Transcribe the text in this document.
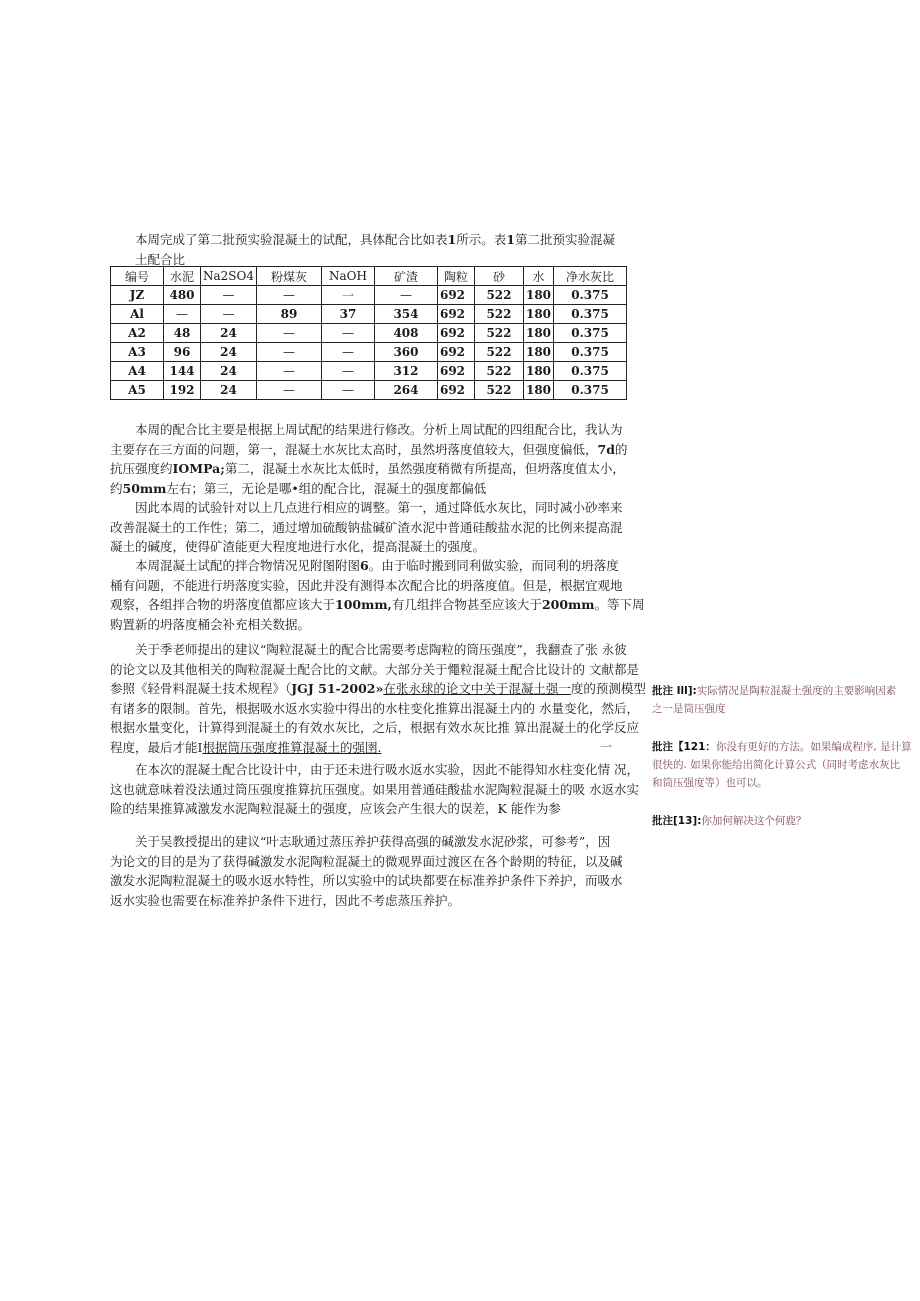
本周完成了第二批预实验混凝土的试配，具体配合比如表1所示。表1第二批预实验混凝
土配合比
编号	水泥	Na2SO4	粉煤灰	NaOH	矿渣	陶粒	砂	水	净水灰比
JZ	480	—	—	一	—	692	522	180	0.375
Al	—	—	89	37	354	692	522	180	0.375
A2	48	24	—	—	408	692	522	180	0.375
A3	96	24	—	—	360	692	522	180	0.375
A4	144	24	—	—	312	692	522	180	0.375
A5	192	24	—	—	264	692	522	180	0.375
本周的配合比主要是根据上周试配的结果进行修改。分析上周试配的四组配合比，我认为
主要存在三方面的问题，第一，混凝土水灰比太高时，虽然坍落度值较大，但强度偏低，7d的
抗压强度约IOMPa;第二，混凝土水灰比太低时，虽然强度稍微有所提高，但坍落度值太小，
约50mm左右；第三，无论是哪•组的配合比，混凝土的强度都偏低
因此本周的试验针对以上几点进行相应的调整。第一，通过降低水灰比，同时减小砂率来
改善混凝土的工作性；第二，通过增加硫酸钠盐碱矿渣水泥中普通硅酸盐水泥的比例来提高混
凝土的碱度，使得矿渣能更大程度地进行水化，提高混凝土的强度。
本周混凝土试配的拌合物情况见附图附图6。由于临时搬到同利做实验，而同利的坍落度
桶有问题，不能进行坍落度实验，因此并没有测得本次配合比的坍落度值。但是，根据宜观地
观察，各组拌合物的坍落度值都应该大于100mm,有几组拌合物甚至应该大于200mm。等下周
购置新的坍落度桶会补充相关数据。
关于季老师提出的建议“陶粒混凝土的配合比需要考虑陶粒的筒压强度”，我翻查了张 永彼
的论文以及其他相关的陶粒混凝土配合比的文献。大部分关于憴粒混凝土配合比设计的 文献都是
参照《轻骨料混凝土技术规程》（JGJ 51-2002»在张永球的论文中关于混凝土强一度的预测模型
有诸多的限制。首先，根据吸水返水实验中得出的水柱变化推算出混凝土内的 水量变化，然后，
根据水量变化，计算得到混凝土的有效水灰比，之后，根据有效水灰比推 算出混凝土的化学反应
程度，最后才能I根据筒压强度推算混凝土的强圉.	一
在本次的混凝土配合比设计中，由于还未进行吸水返水实验，因此不能得知水柱变化情 况，
这也就意味着没法通过筒压强度推算抗压强度。如果用普通硅酸盐水泥陶粒混凝土的吸 水返水实
险的结果推算减激发水泥陶粒混凝土的强度，应该会产生很大的误差，K 能作为参
关于吴教授提出的建议“叶志耿通过蒸压养护获得高强的碱激发水泥砂浆，可参考”，因
为论文的目的是为了获得碱激发水泥陶粒混凝土的微观界面过渡区在各个龄期的特征，以及碱
激发水泥陶粒混凝土的吸水返水特性，所以实验中的试块都要在标准养护条件下养护，而吸水
返水实验也需要在标准养护条件下进行，因此不考虑蒸压养护。
批注 Ill]:实际情况是陶粒混凝土强度的主要影响因素
之一是筒压强度
批注【121：你没有更好的方法。如果编成程序, 是计算
很快的. 如果你能给出简化计算公式（同时考虑水灰比
和筒压强度等）也可以。
批注[13]:你加何解决这个何鹿？
